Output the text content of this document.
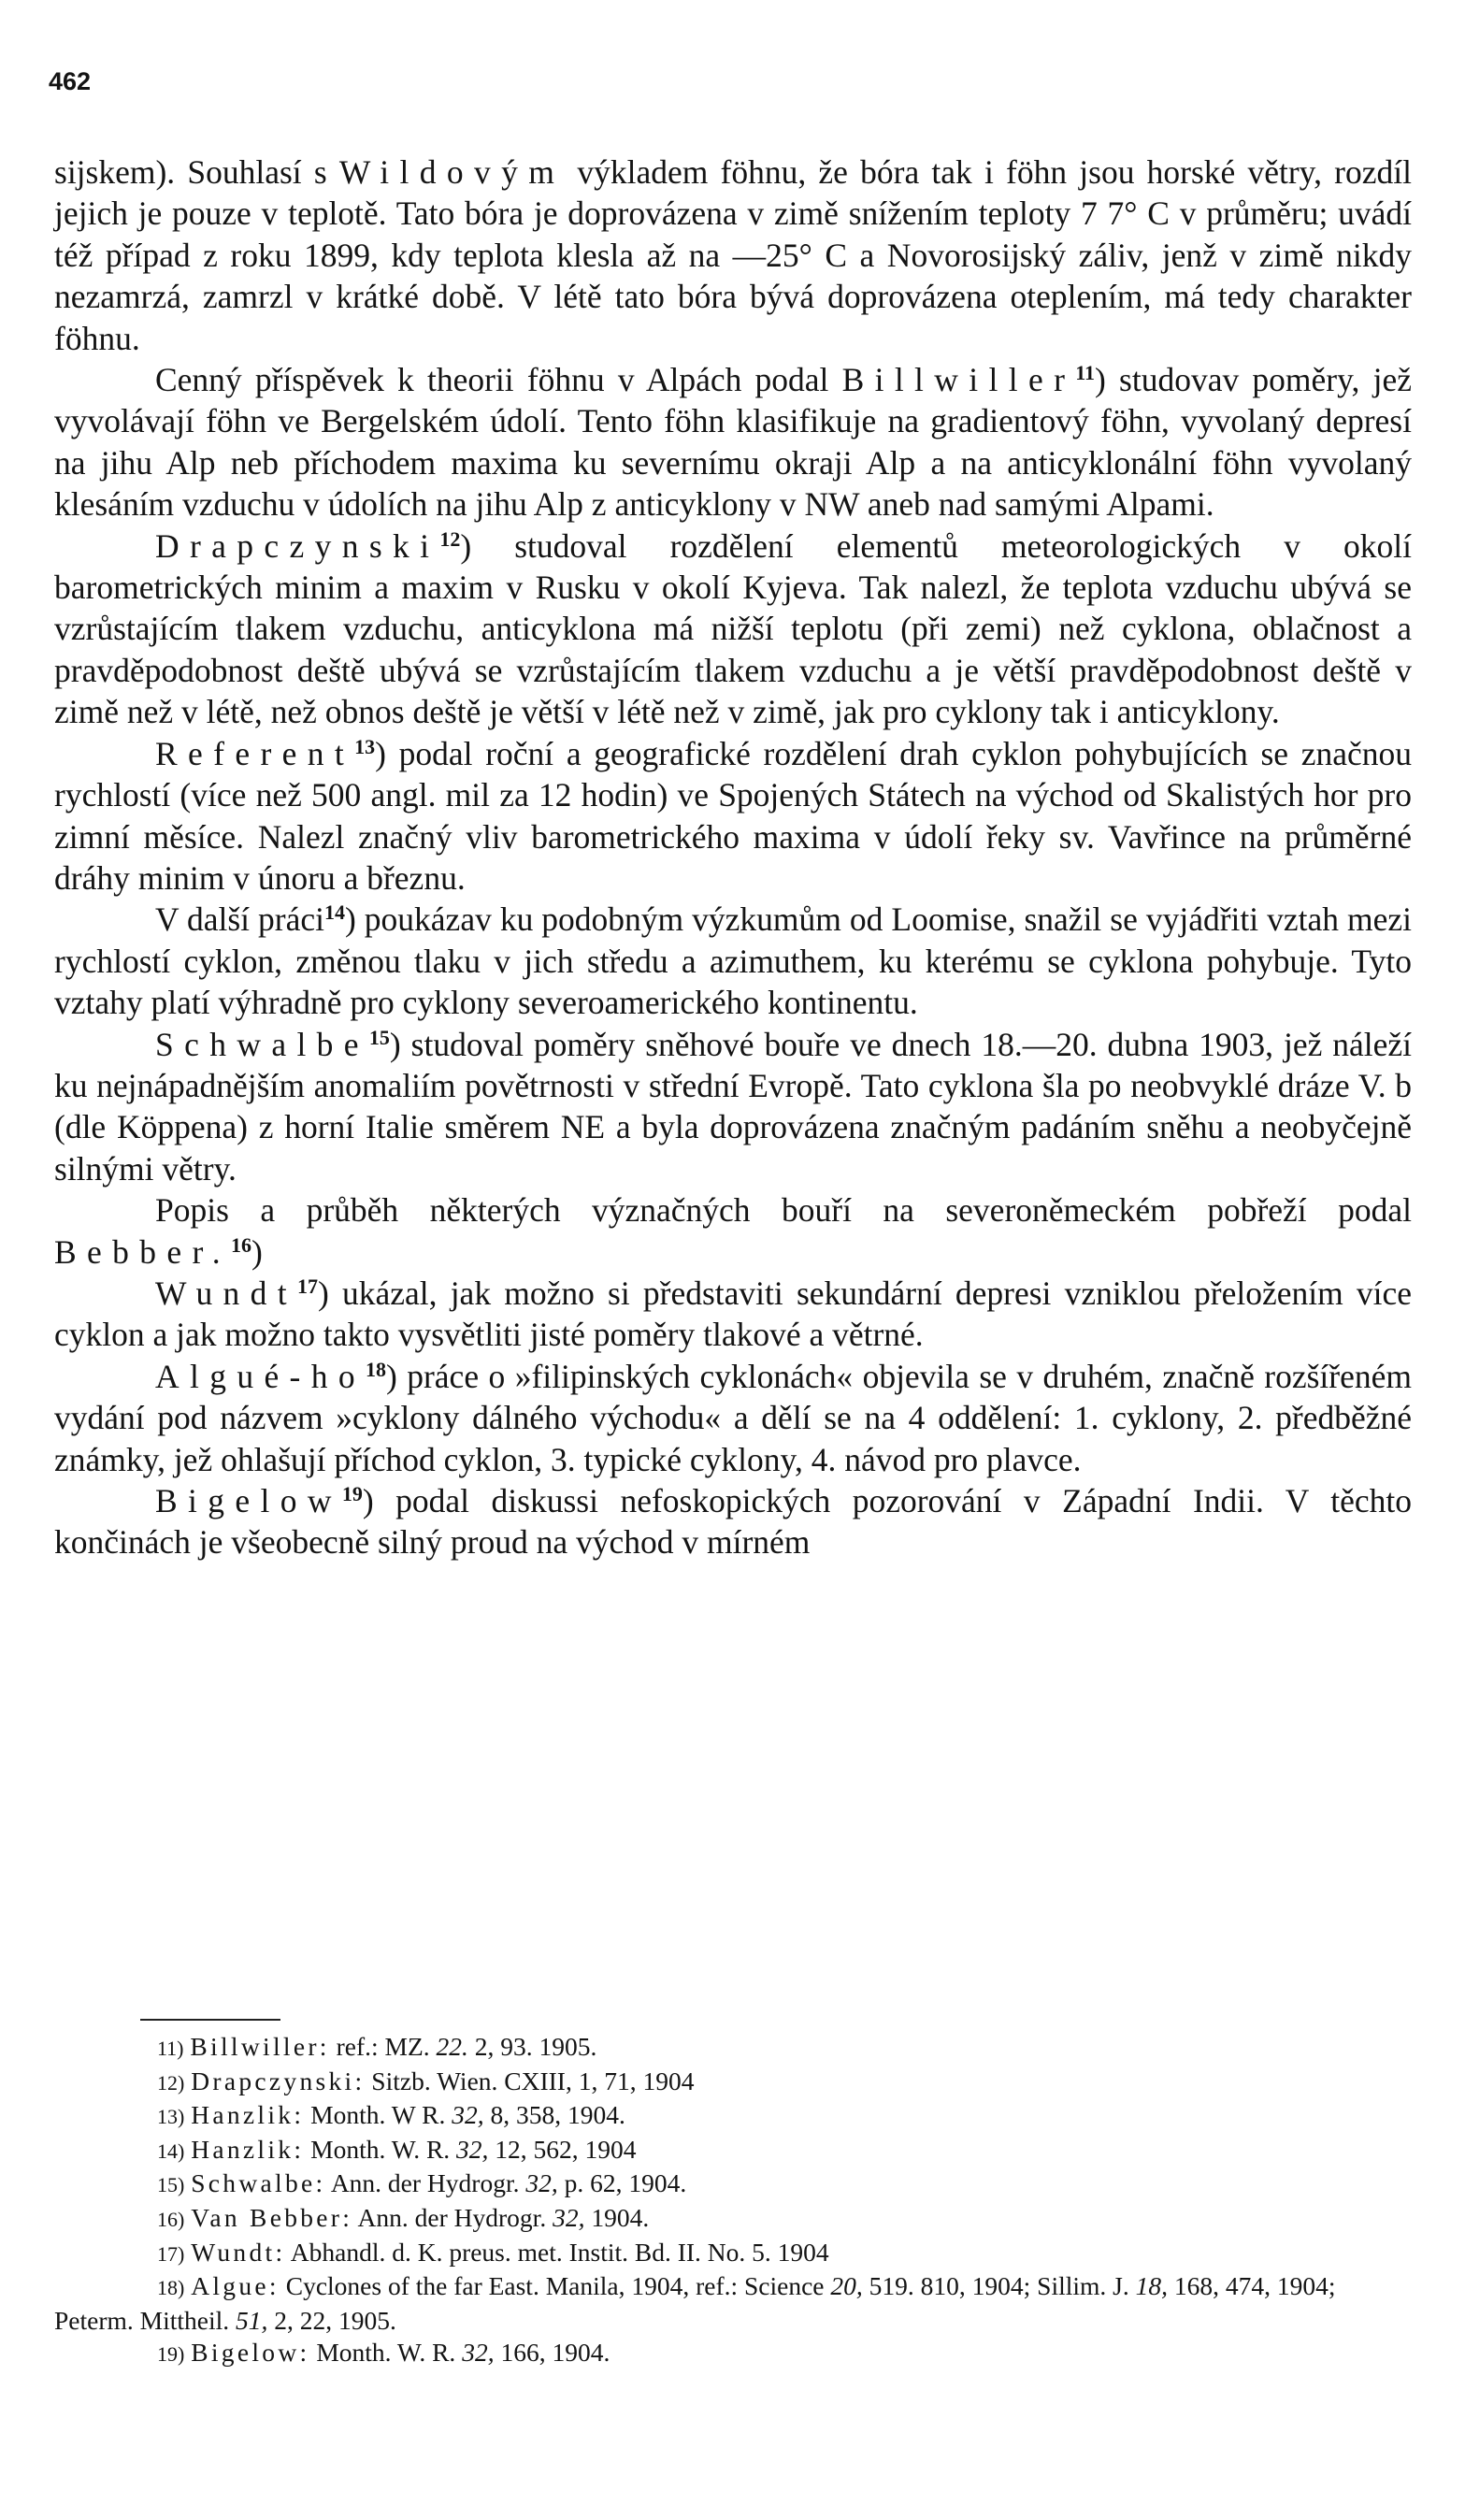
462

sijskem). Souhlasí s Wildovým výkladem föhnu, že bóra tak i föhn jsou horské větry, rozdíl jejich je pouze v teplotě. Tato bóra je doprovázena v zimě snížením teploty 7 7° C v průměru; uvádí též případ z roku 1899, kdy teplota klesla až na —25° C a Novorosijský záliv, jenž v zimě nikdy nezamrzá, zamrzl v krátké době. V létě tato bóra bývá doprovázena oteplením, má tedy charakter föhnu.

Cenný příspěvek k theorii föhnu v Alpách podal Billwiller$^{11}$) studovav poměry, jež vyvolávají föhn ve Bergelském údolí. Tento föhn klasifikuje na gradientový föhn, vyvolaný depresí na jihu Alp neb příchodem maxima ku severnímu okraji Alp a na anticyklonální föhn vyvolaný klesáním vzduchu v údolích na jihu Alp z anticyklony v NW aneb nad samými Alpami.

Drapczynski$^{12}$) studoval rozdělení elementů meteorologických v okolí barometrických minim a maxim v Rusku v okolí Kyjeva. Tak nalezl, že teplota vzduchu ubývá se vzrůstajícím tlakem vzduchu, anticyklona má nižší teplotu (při zemi) než cyklona, oblačnost a pravděpodobnost deště ubývá se vzrůstajícím tlakem vzduchu a je větší pravděpodobnost deště v zimě než v létě, než obnos deště je větší v létě než v zimě, jak pro cyklony tak i anticyklony.

Referent$^{13}$) podal roční a geografické rozdělení drah cyklon pohybujících se značnou rychlostí (více než 500 angl. mil za 12 hodin) ve Spojených Státech na východ od Skalistých hor pro zimní měsíce. Nalezl značný vliv barometrického maxima v údolí řeky sv. Vavřince na průměrné dráhy minim v únoru a březnu.

V další práci$^{14}$) poukázav ku podobným výzkumům od Loomise, snažil se vyjádřiti vztah mezi rychlostí cyklon, změnou tlaku v jich středu a azimuthem, ku kterému se cyklona pohybuje. Tyto vztahy platí výhradně pro cyklony severoamerického kontinentu.

Schwalbe$^{15}$) studoval poměry sněhové bouře ve dnech 18.—20. dubna 1903, jež náleží ku nejnápadnějším anomaliím povětrnosti v střední Evropě. Tato cyklona šla po neobvyklé dráze V. b (dle Köppena) z horní Italie směrem NE a byla doprovázena značným padáním sněhu a neobyčejně silnými větry.

Popis a průběh některých význačných bouří na severoněmeckém pobřeží podal Bebber.$^{16}$)

Wundt$^{17}$) ukázal, jak možno si představiti sekundární depresi vzniklou přeložením více cyklon a jak možno takto vysvětliti jisté poměry tlakové a větrné.

Algué-$ho^{18}$) práce o »filipinských cyklonách« objevila se v druhém, značně rozšířeném vydání pod názvem »cyklony dálného východu« a dělí se na 4 oddělení: 1. cyklony, 2. předběžné známky, jež ohlašují příchod cyklon, 3. typické cyklony, 4. návod pro plavce.

Bigelow$^{19}$) podal diskussi nefoskopických pozorování v Západní Indii. V těchto končinách je všeobecně silný proud na východ v mírném

11) Billwiller: ref.: MZ. 22. 2, 93. 1905.

12) Drapczynski: Sitzb. Wien. CXIII, 1, 71, 1904

13) Hanzlik: Month. W R. 32, 8, 358, 1904.

14) Hanzlik: Month. W. R. 32, 12, 562, 1904

15) Schwalbe: Ann. der Hydrogr. 32, p. 62, 1904.

16) Van Bebber: Ann. der Hydrogr. 32, 1904.

17) Wundt: Abhandl. d. K. preus. met. Instit. Bd. II. No. 5. 1904

18) Algue: Cyclones of the far East. Manila, 1904, ref.: Science 20, 519. 810, 1904; Sillim. J. 18, 168, 474, 1904; Peterm. Mittheil. 51, 2, 22, 1905.

19) Bigelow: Month. W. R. 32, 166, 1904.
